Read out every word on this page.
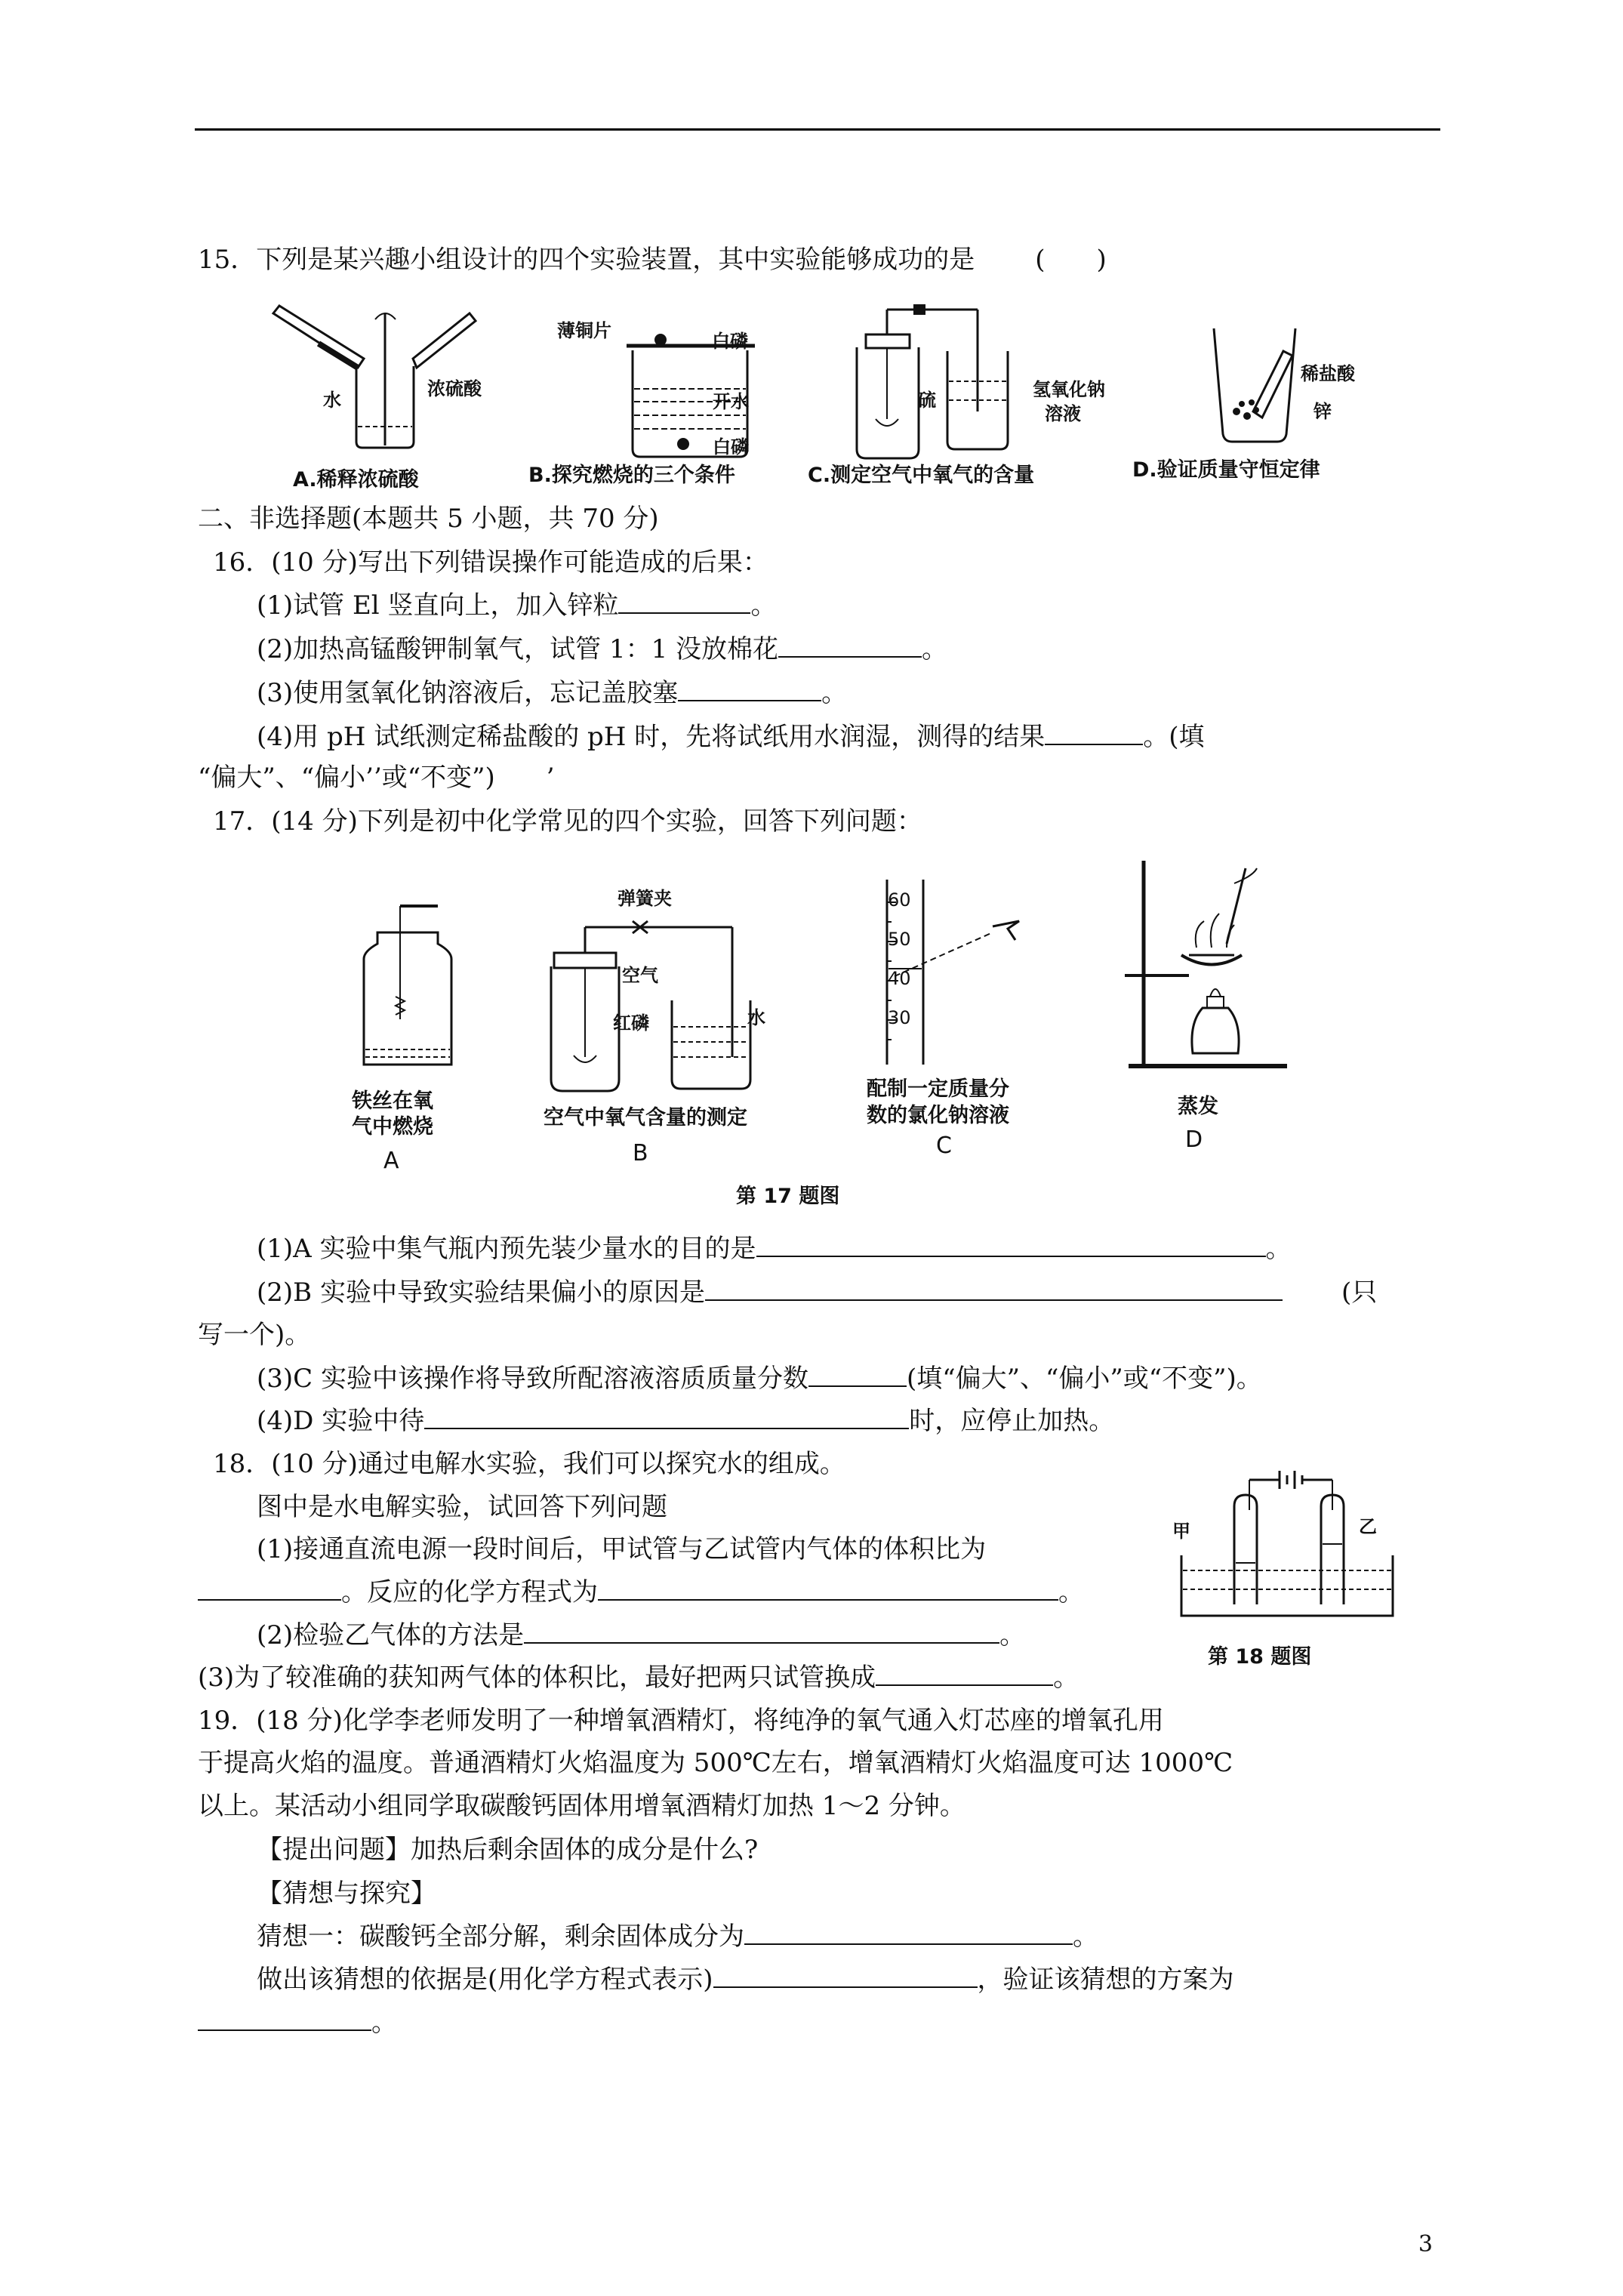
15．下列是某兴趣小组设计的四个实验装置，其中实验能够成功的是 (　　)
水
浓硫酸
A.稀释浓硫酸
薄铜片	白磷
开水
白磷
B.探究燃烧的三个条件
硫	氢氧化钠
溶液
C.测定空气中氧气的含量
稀盐酸
锌
D.验证质量守恒定律
二、非选择题(本题共 5 小题，共 70 分)
16．(10 分)写出下列错误操作可能造成的后果：
(1)试管 El 竖直向上，加入锌粒	。
(2)加热高锰酸钾制氧气，试管 1：1 没放棉花	。
(3)使用氢氧化钠溶液后，忘记盖胶塞	。
(4)用 pH 试纸测定稀盐酸的 pH 时，先将试纸用水润湿，测得的结果	。(填
“偏大”、“偏小’’或“不变”)　　’
17．(14 分)下列是初中化学常见的四个实验，回答下列问题：
铁丝在氧
气中燃烧
A
弹簧夹
空气
红磷	水
空气中氧气含量的测定
B
60
50
40
30
配制一定质量分
数的氯化钠溶液
C
蒸发
D
第 17 题图
(1)A 实验中集气瓶内预先装少量水的目的是	。
(2)B 实验中导致实验结果偏小的原因是	(只
写一个)。
(3)C 实验中该操作将导致所配溶液溶质质量分数	(填“偏大”、“偏小”或“不变”)。
(4)D 实验中待	时，应停止加热。
18．(10 分)通过电解水实验，我们可以探究水的组成。
图中是水电解实验，试回答下列问题
(1)接通直流电源一段时间后，甲试管与乙试管内气体的体积比为
。反应的化学方程式为	。
(2)检验乙气体的方法是	。
(3)为了较准确的获知两气体的体积比，最好把两只试管换成	。
甲	乙
第 18 题图
19．(18 分)化学李老师发明了一种增氧酒精灯，将纯净的氧气通入灯芯座的增氧孔用
于提高火焰的温度。普通酒精灯火焰温度为 500℃左右，增氧酒精灯火焰温度可达 1000℃
以上。某活动小组同学取碳酸钙固体用增氧酒精灯加热 1～2 分钟。
【提出问题】加热后剩余固体的成分是什么?
【猜想与探究】
猜想一：碳酸钙全部分解，剩余固体成分为	。
做出该猜想的依据是(用化学方程式表示)	，验证该猜想的方案为
。
3
